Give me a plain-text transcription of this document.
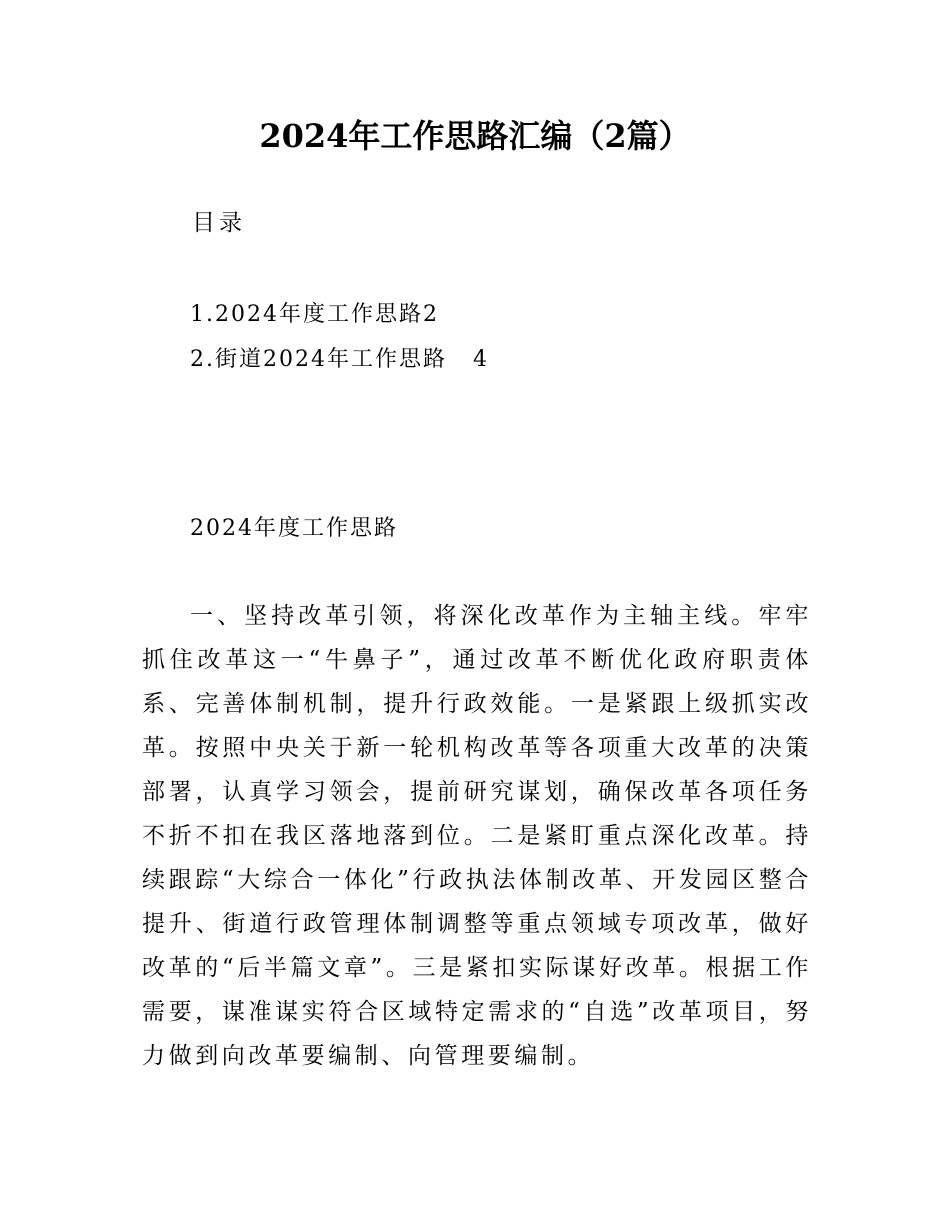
2024年工作思路汇编（2篇）
目录
1.2024年度工作思路2
2.街道2024年工作思路 4
2024年度工作思路

一、坚持改革引领，将深化改革作为主轴主线。牢牢抓住改革这一“牛鼻子”，通过改革不断优化政府职责体系、完善体制机制，提升行政效能。一是紧跟上级抓实改革。按照中央关于新一轮机构改革等各项重大改革的决策部署，认真学习领会，提前研究谋划，确保改革各项任务不折不扣在我区落地落到位。二是紧盯重点深化改革。持续跟踪“大综合一体化”行政执法体制改革、开发园区整合提升、街道行政管理体制调整等重点领域专项改革，做好改革的“后半篇文章”。三是紧扣实际谋好改革。根据工作需要，谋准谋实符合区域特定需求的“自选”改革项目，努力做到向改革要编制、向管理要编制。
